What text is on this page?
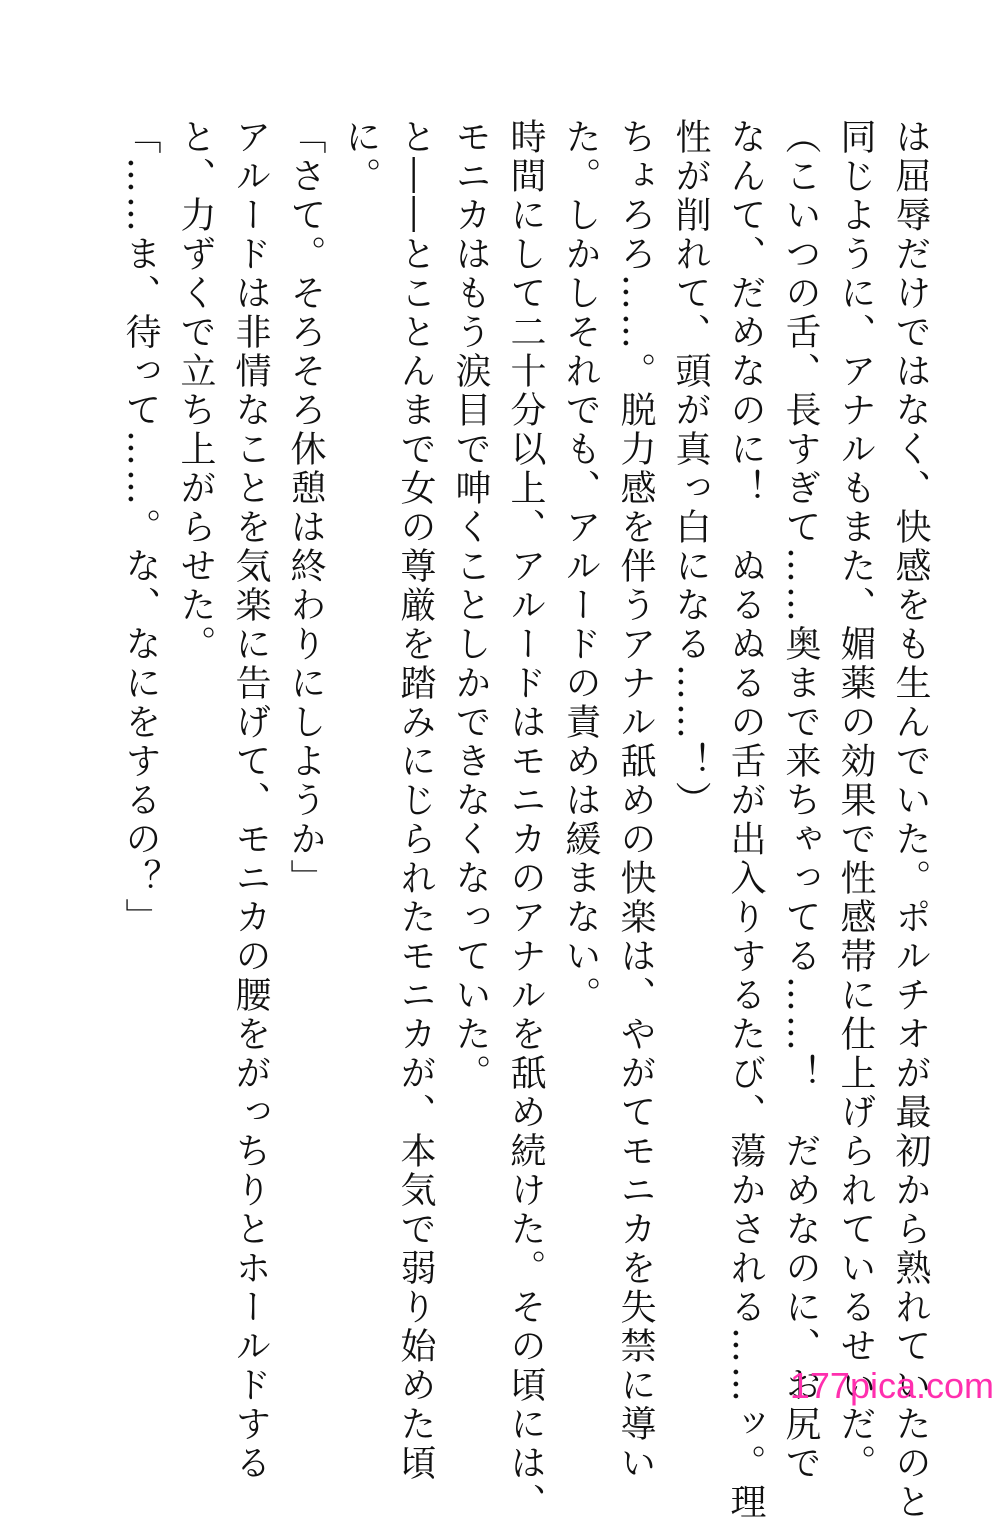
は屈辱だけではなく、快感をも生んでいた。ポルチオが最初から熟れていたのと
同じように、アナルもまた、媚薬の効果で性感帯に仕上げられているせいだ。
（こいつの舌、長すぎて……奥まで来ちゃってる……！　だめなのに、お尻で
なんて、だめなのに！　ぬるぬるの舌が出入りするたび、蕩かされる……ッ。理
性が削れて、頭が真っ白になる……！）
ちょろろ……。脱力感を伴うアナル舐めの快楽は、やがてモニカを失禁に導い
た。しかしそれでも、アルードの責めは緩まない。
時間にして二十分以上、アルードはモニカのアナルを舐め続けた。その頃には、
モニカはもう涙目で呻くことしかできなくなっていた。
と――とことんまで女の尊厳を踏みにじられたモニカが、本気で弱り始めた頃
に。
「さて。そろそろ休憩は終わりにしようか」
アルードは非情なことを気楽に告げて、モニカの腰をがっちりとホールドする
と、力ずくで立ち上がらせた。
「……ま、待って……。な、なにをするの？」
177pica.com
